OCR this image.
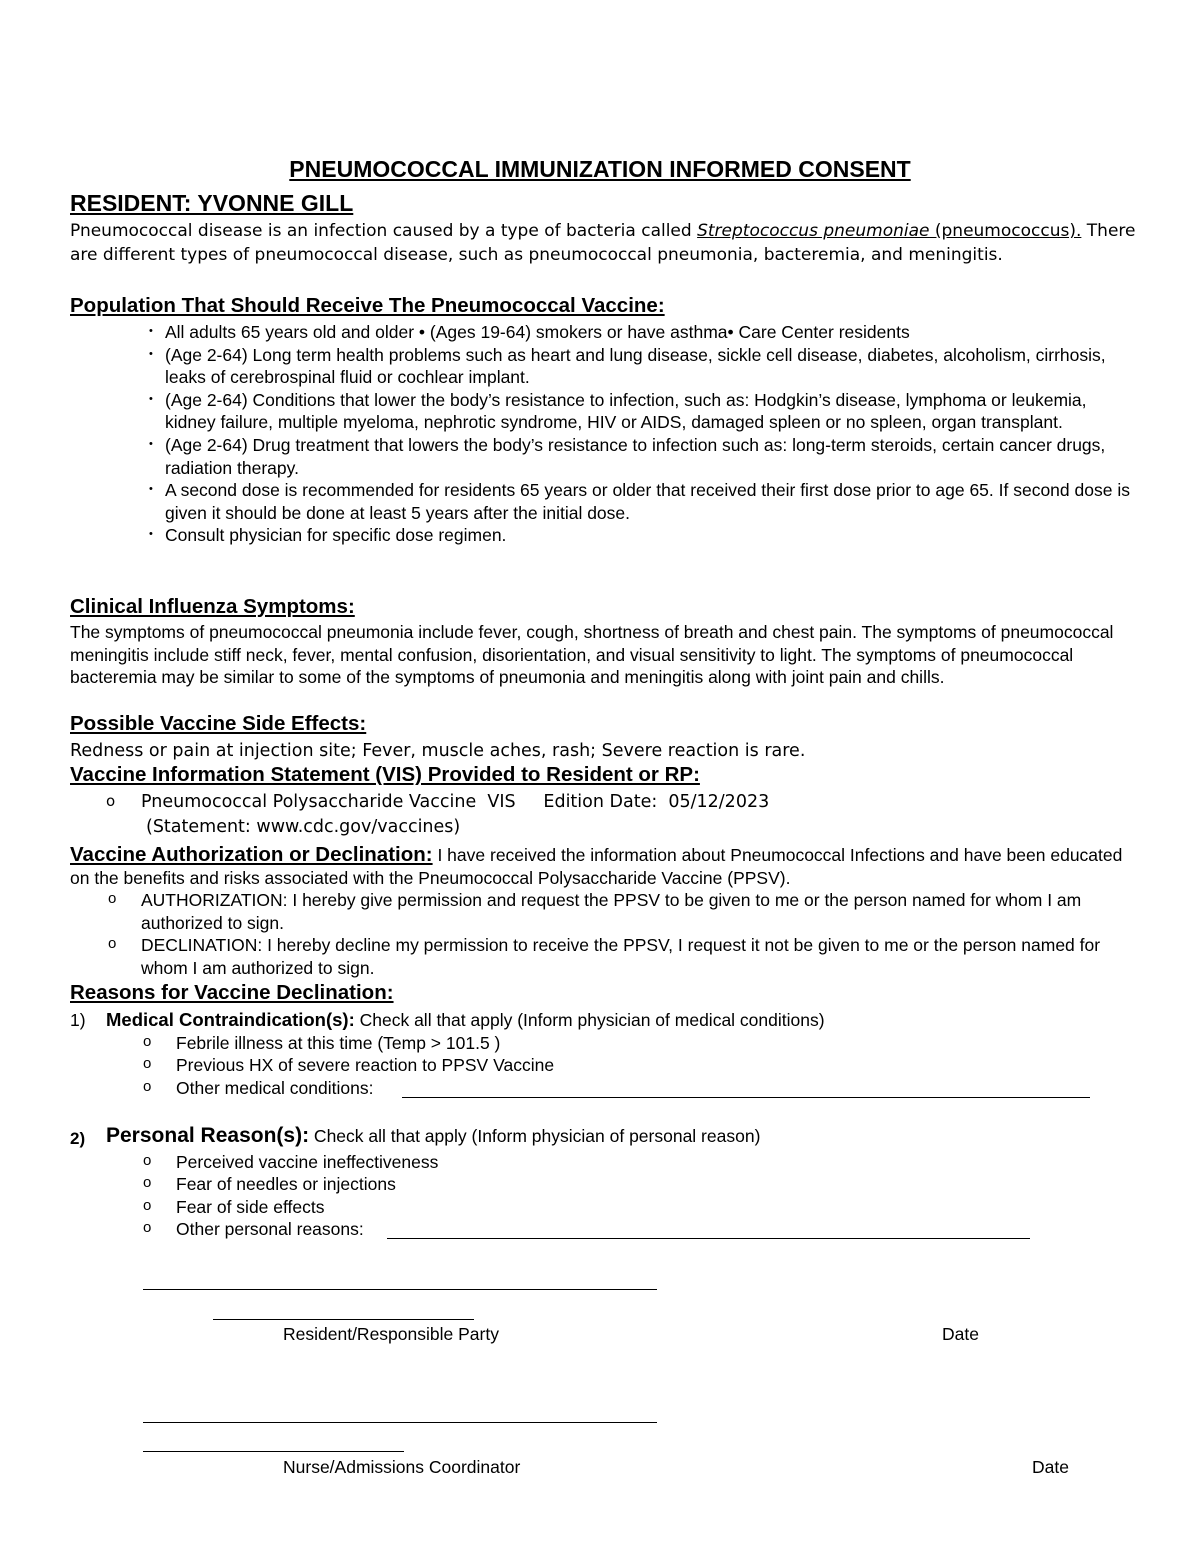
PNEUMOCOCCAL IMMUNIZATION INFORMED CONSENT
RESIDENT: YVONNE GILL
Pneumococcal disease is an infection caused by a type of bacteria called Streptococcus pneumoniae (pneumococcus). There are different types of pneumococcal disease, such as pneumococcal pneumonia, bacteremia, and meningitis.
Population That Should Receive The Pneumococcal Vaccine:
• All adults 65 years old and older • (Ages 19-64) smokers or have asthma• Care Center residents
• (Age 2-64) Long term health problems such as heart and lung disease, sickle cell disease, diabetes, alcoholism, cirrhosis, leaks of cerebrospinal fluid or cochlear implant.
• (Age 2-64) Conditions that lower the body’s resistance to infection, such as: Hodgkin’s disease, lymphoma or leukemia, kidney failure, multiple myeloma, nephrotic syndrome, HIV or AIDS, damaged spleen or no spleen, organ transplant.
• (Age 2-64) Drug treatment that lowers the body’s resistance to infection such as: long-term steroids, certain cancer drugs, radiation therapy.
• A second dose is recommended for residents 65 years or older that received their first dose prior to age 65. If second dose is given it should be done at least 5 years after the initial dose.
• Consult physician for specific dose regimen.
Clinical Influenza Symptoms:
The symptoms of pneumococcal pneumonia include fever, cough, shortness of breath and chest pain. The symptoms of pneumococcal meningitis include stiff neck, fever, mental confusion, disorientation, and visual sensitivity to light. The symptoms of pneumococcal bacteremia may be similar to some of the symptoms of pneumonia and meningitis along with joint pain and chills.
Possible Vaccine Side Effects:
Redness or pain at injection site; Fever, muscle aches, rash; Severe reaction is rare.
Vaccine Information Statement (VIS) Provided to Resident or RP:
o Pneumococcal Polysaccharide Vaccine  VIS     Edition Date:  05/12/2023
(Statement: www.cdc.gov/vaccines)
Vaccine Authorization or Declination: I have received the information about Pneumococcal Infections and have been educated on the benefits and risks associated with the Pneumococcal Polysaccharide Vaccine (PPSV).
o AUTHORIZATION: I hereby give permission and request the PPSV to be given to me or the person named for whom I am authorized to sign.
o DECLINATION: I hereby decline my permission to receive the PPSV, I request it not be given to me or the person named for whom I am authorized to sign.
Reasons for Vaccine Declination:
1) Medical Contraindication(s): Check all that apply (Inform physician of medical conditions)
o Febrile illness at this time (Temp > 101.5 )
o Previous HX of severe reaction to PPSV Vaccine
o Other medical conditions:
2) Personal Reason(s): Check all that apply (Inform physician of personal reason)
o Perceived vaccine ineffectiveness
o Fear of needles or injections
o Fear of side effects
o Other personal reasons:
Resident/Responsible Party	Date
Nurse/Admissions Coordinator	Date
